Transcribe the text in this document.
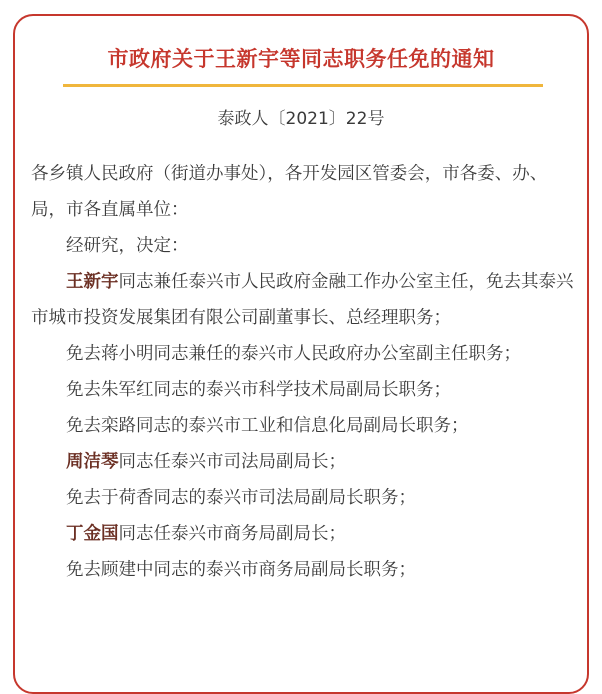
市政府关于王新宇等同志职务任免的通知
泰政人〔2021〕22号

各乡镇人民政府（街道办事处），各开发园区管委会，市各委、办、局，市各直属单位：

经研究，决定：

王新宇同志兼任泰兴市人民政府金融工作办公室主任，免去其泰兴市城市投资发展集团有限公司副董事长、总经理职务；

免去蒋小明同志兼任的泰兴市人民政府办公室副主任职务；

免去朱军红同志的泰兴市科学技术局副局长职务；

免去栾路同志的泰兴市工业和信息化局副局长职务；

周洁琴同志任泰兴市司法局副局长；

免去于荷香同志的泰兴市司法局副局长职务；

丁金国同志任泰兴市商务局副局长；

免去顾建中同志的泰兴市商务局副局长职务；
